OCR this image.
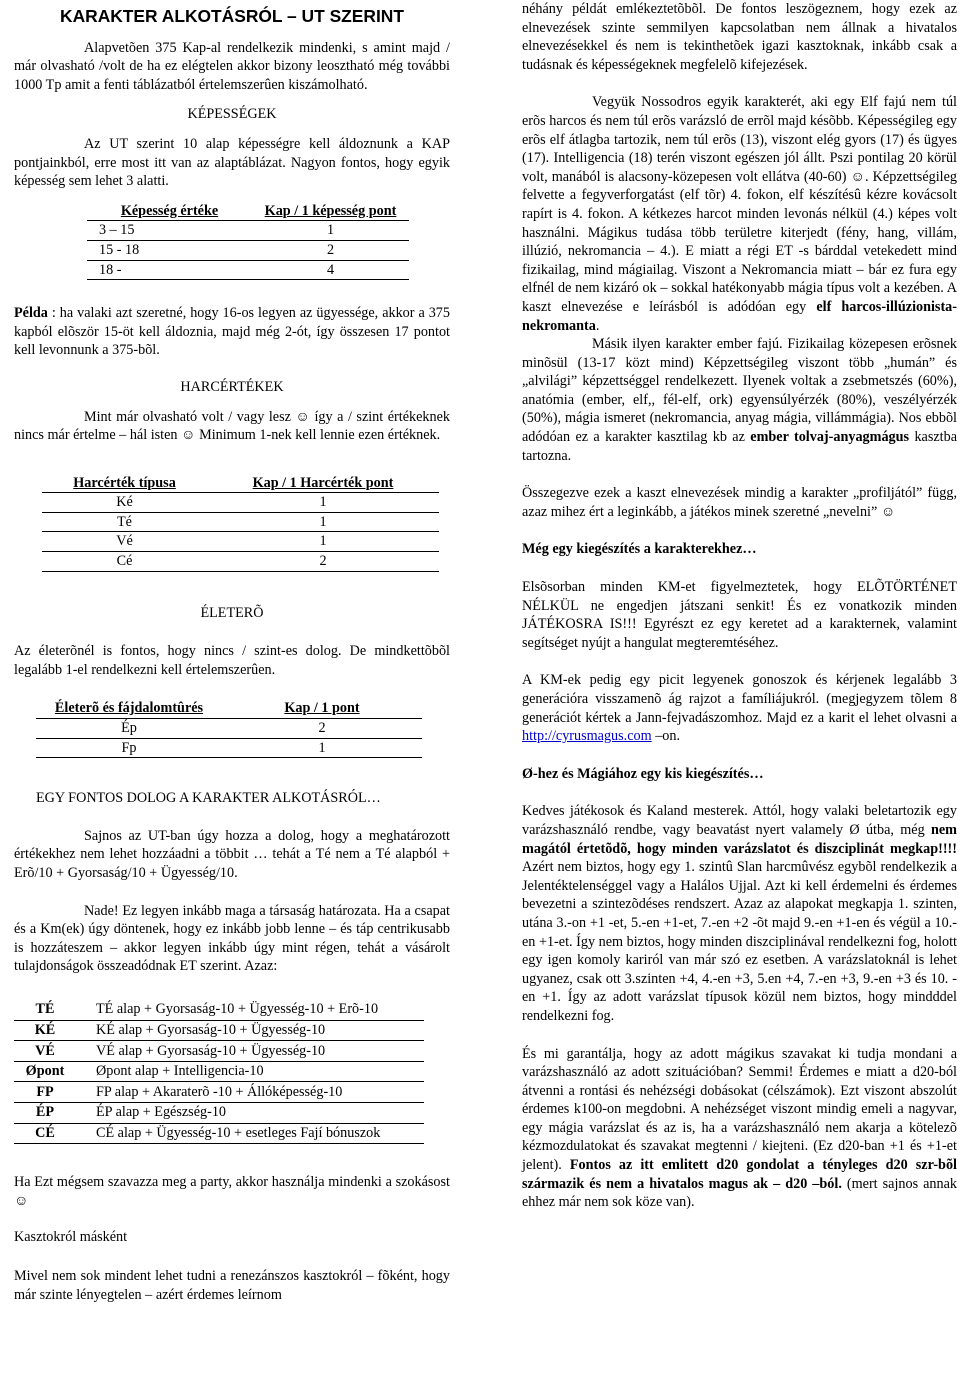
KARAKTER ALKOTÁSRÓL – UT SZERINT

Alapvetõen 375 Kap-al rendelkezik mindenki, s amint majd / már olvasható /volt de ha ez elégtelen akkor bizony leosztható még további 1000 Tp amit a fenti táblázatból értelemszerûen kiszámolható.

KÉPESSÉGEK

Az UT szerint 10 alap képességre kell áldoznunk a KAP pontjainkból, erre most itt van az alaptáblázat. Nagyon fontos, hogy egyik képesség sem lehet 3 alatti.

Képesség értéke	Kap / 1 képesség pont
3 – 15	1
15 - 18	2
18 -	4

Példa : ha valaki azt szeretné, hogy 16-os legyen az ügyessége, akkor a 375 kapból elõször 15-öt kell áldoznia, majd még 2-ót, így összesen 17 pontot kell levonnunk a 375-bõl.

HARCÉRTÉKEK

Mint már olvasható volt / vagy lesz ☺ így a / szint értékeknek nincs már értelme – hál isten ☺ Minimum 1-nek kell lennie ezen értéknek.

Harcérték típusa	Kap / 1 Harcérték pont
Ké	1
Té	1
Vé	1
Cé	2

ÉLETERÕ

Az életerõnél is fontos, hogy nincs / szint-es dolog. De mindkettõbõl legalább 1-el rendelkezni kell értelemszerûen.

Életerõ és fájdalomtûrés	Kap / 1 pont
Ép	2
Fp	1

EGY FONTOS DOLOG A KARAKTER ALKOTÁSRÓL…

Sajnos az UT-ban úgy hozza a dolog, hogy a meghatározott értékekhez nem lehet hozzáadni a többit … tehát a Té nem a Té alapból + Erõ/10 + Gyorsaság/10 + Ügyesség/10.

Nade! Ez legyen inkább maga a társaság határozata. Ha a csapat és a Km(ek) úgy döntenek, hogy ez inkább jobb lenne – és táp centrikusabb is hozzáteszem – akkor legyen inkább úgy mint régen, tehát a vásárolt tulajdonságok összeadódnak ET szerint. Azaz:

TÉ	TÉ alap + Gyorsaság-10 + Ügyesség-10 + Erõ-10
KÉ	KÉ alap + Gyorsaság-10 + Ügyesség-10
VÉ	VÉ alap + Gyorsaság-10 + Ügyesség-10
Øpont	Øpont alap + Intelligencia-10
FP	FP alap + Akaraterõ -10 + Állóképesség-10
ÉP	ÉP alap + Egészség-10
CÉ	CÉ alap + Ügyesség-10 + esetleges Fají bónuszok

Ha Ezt mégsem szavazza meg a party, akkor használja mindenki a szokásost ☺

Kasztokról másként

Mivel nem sok mindent lehet tudni a renezánszos kasztokról – fõként, hogy már szinte lényegtelen – azért érdemes leírnom

néhány példát emlékeztetõbõl. De fontos leszögeznem, hogy ezek az elnevezések szinte semmilyen kapcsolatban nem állnak a hivatalos elnevezésekkel és nem is tekinthetõek igazi kasztoknak, inkább csak a tudásnak és képességeknek megfelelõ kifejezések.

Vegyük Nossodros egyik karakterét, aki egy Elf fajú nem túl erõs harcos és nem túl erõs varázsló de errõl majd késõbb. Képességileg egy erõs elf átlagba tartozik, nem túl erõs (13), viszont elég gyors (17) és ügyes (17). Intelligencia (18) terén viszont egészen jól állt. Pszi pontilag 20 körül volt, manából is alacsony-közepesen volt ellátva (40-60) ☺. Képzettségileg felvette a fegyverforgatást (elf tõr) 4. fokon, elf készítésû kézre kovácsolt rapírt is 4. fokon. A kétkezes harcot minden levonás nélkül (4.) képes volt használni. Mágikus tudása több területre kiterjedt (fény, hang, villám, illúzió, nekromancia – 4.). E miatt a régi ET -s bárddal vetekedett mind fizikailag, mind mágiailag. Viszont a Nekromancia miatt – bár ez fura egy elfnél de nem kizáró ok – sokkal hatékonyabb mágia típus volt a kezében. A kaszt elnevezése e leírásból is adódóan egy elf harcos-illúzionista-nekromanta.

Másik ilyen karakter ember fajú. Fizikailag közepesen erõsnek minõsül (13-17 közt mind) Képzettségileg viszont több „humán” és „alvilági” képzettséggel rendelkezett. Ilyenek voltak a zsebmetszés (60%), anatómia (ember, elf,, fél-elf, ork) egyensúlyérzék (80%), veszélyérzék (50%), mágia ismeret (nekromancia, anyag mágia, villámmágia). Nos ebbõl adódóan ez a karakter kasztilag kb az ember tolvaj-anyagmágus kasztba tartozna.

Összegezve ezek a kaszt elnevezések mindig a karakter „profiljától” függ, azaz mihez ért a leginkább, a játékos minek szeretné „nevelni” ☺

Még egy kiegészítés a karakterekhez…

Elsõsorban minden KM-et figyelmeztetek, hogy ELÕTÖRTÉNET NÉLKÜL ne engedjen játszani senkit! És ez vonatkozik minden JÁTÉKOSRA IS!!! Egyrészt ez egy keretet ad a karakternek, valamint segítséget nyújt a hangulat megteremtéséhez.

A KM-ek pedig egy picit legyenek gonoszok és kérjenek legalább 3 generációra visszamenõ ág rajzot a famíliájukról. (megjegyzem tõlem 8 generációt kértek a Jann-fejvadászomhoz. Majd ez a karit el lehet olvasni a http://cyrusmagus.com –on.

Ø-hez és Mágiához egy kis kiegészítés…

Kedves játékosok és Kaland mesterek. Attól, hogy valaki beletartozik egy varázshasználó rendbe, vagy beavatást nyert valamely Ø útba, még nem magától értetõdõ, hogy minden varázslatot és diszciplinát megkap!!!! Azért nem biztos, hogy egy 1. szintû Slan harcmûvész egybõl rendelkezik a Jelentéktelenséggel vagy a Halálos Ujjal. Azt ki kell érdemelni és érdemes bevezetni a szintezõdéses rendszert. Azaz az alapokat megkapja 1. szinten, utána 3.-on +1 -et, 5.-en +1-et, 7.-en +2 -õt majd 9.-en +1-en és végül a 10.-en +1-et. Így nem biztos, hogy minden diszciplinával rendelkezni fog, holott egy igen komoly kariról van már szó ez esetben. A varázslatoknál is lehet ugyanez, csak ott 3.szinten +4, 4.-en +3, 5.en +4, 7.-en +3, 9.-en +3 és 10. -en +1. Így az adott varázslat típusok közül nem biztos, hogy mindddel rendelkezni fog.

És mi garantálja, hogy az adott mágikus szavakat ki tudja mondani a varázshasználó az adott szituációban? Semmi! Érdemes e miatt a d20-ból átvenni a rontási és nehézségi dobásokat (célszámok). Ezt viszont abszolút érdemes k100-on megdobni. A nehézséget viszont mindig emeli a nagyvar, egy mágia varázslat és az is, ha a varázshasználó nem akarja a kötelezõ kézmozdulatokat és szavakat megtenni / kiejteni. (Ez d20-ban +1 és +1-et jelent). Fontos az itt emlitett d20 gondolat a tényleges d20 szr-bõl származik és nem a hivatalos magus ak – d20 –ból. (mert sajnos annak ehhez már nem sok köze van).
